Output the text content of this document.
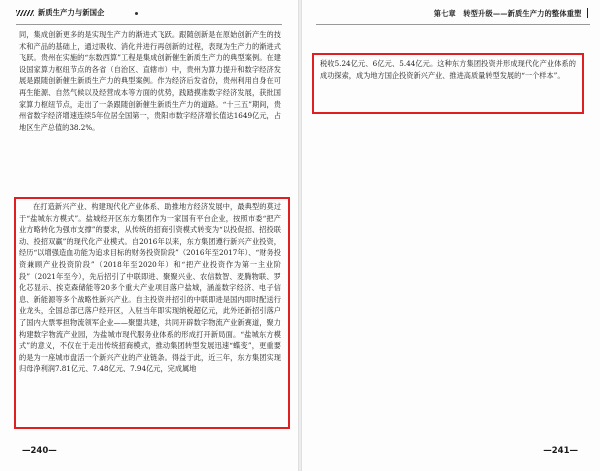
新质生产力与新国企

同，集成创新更多的是实现生产力的渐进式飞跃。跟随创新是在原始创新产生的技术和产品的基础上，通过吸收、消化并进行再创新的过程，表现为生产力的渐进式飞跃。贵州在实施的“东数西算”工程是集成创新催生新质生产力的典型案例。在建设国家算力枢纽节点的各省（自治区、直辖市）中，贵州为算力提升和数字经济发展是跟随创新催生新质生产力的典型案例。作为经济后发省份，贵州利用自身在可再生能源、自然气候以及经营成本等方面的优势，践踏摸准数字经济发展，获批国家算力枢纽节点，走出了一条跟随创新催生新质生产力的道路。“十三五”期间，贵州省数字经济增速连续5年位居全国第一，贵阳市数字经济增长值达1649亿元，占地区生产总值的38.2%。

在打造新兴产业、构建现代化产业体系、助推地方经济发展中，最典型的莫过于“盐城东方模式”。盐城经开区东方集团作为一家国有平台企业，按照市委“把产业方略转化为强市支撑”的要求，从传统的招商引资模式转变为“以投促招、招投联动、投招双赢”的现代化产业模式。自2016年以来，东方集团遵行新兴产业投资，经历“以增强造血功能为追求目标的财务投资阶段”（2016年至2017年）、“财务投资兼顾产业投资阶段”（2018年至2020年）和“把产业投资作为第一主业阶段”（2021年至今），先后招引了中联即进、聚聚兴业、农信数智、麦腾物联、罗化芯显示、挨克森储能等20多个重大产业项目落户盐城，涵盖数字经济、电子信息、新能源等多个战略性新兴产业。自主投资并招引的中联即进是国内即时配送行业龙头，全国总部已落户经开区，入驻当年即实现纳税超亿元，此外还新招引落户了国内大票零担物流领军企业——聚盟共建，共同开辟数字物流产业新赛道，聚力构建数字物流产业园，为盐城市现代服务业体系的形成打开新局面。“盐城东方模式”的意义，不仅在于走出传统招商模式，推动集团转型发展迅速“蝶变”，更重要的是为一座城市盘活一个新兴产业的产业链条。得益于此，近三年，东方集团实现归母净利润7.81亿元、7.48亿元、7.94亿元，完成属地

—240—
第七章　转型升级——新质生产力的整体重塑

税收5.24亿元、6亿元、5.44亿元。这种东方集团投资并形成现代化产业体系的成功探索，成为地方国企投资新兴产业、推进高质量转型发展的“一个样本”。

—241—
